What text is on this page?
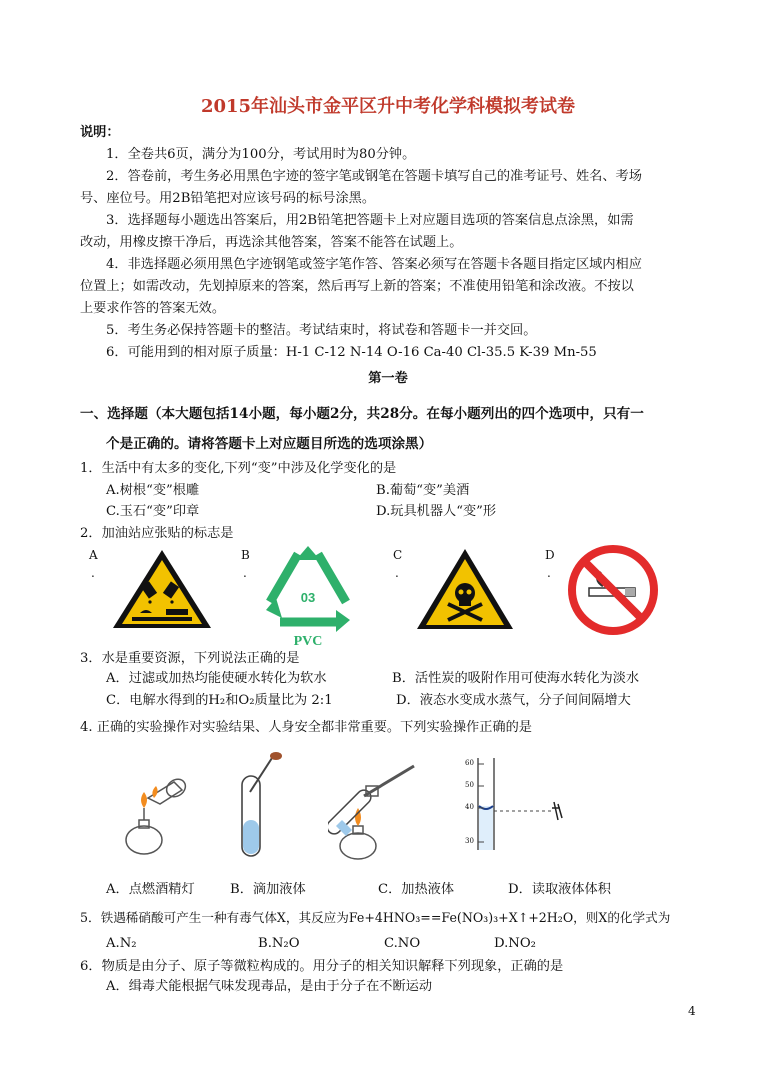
2015年汕头市金平区升中考化学科模拟考试卷
说明：
1．全卷共6页，满分为100分，考试用时为80分钟。
2．答卷前，考生务必用黑色字迹的签字笔或钢笔在答题卡填写自己的准考证号、姓名、考场
号、座位号。用2B铅笔把对应该号码的标号涂黑。
3．选择题每小题选出答案后，用2B铅笔把答题卡上对应题目选项的答案信息点涂黑，如需
改动，用橡皮擦干净后，再选涂其他答案，答案不能答在试题上。
4．非选择题必须用黑色字迹钢笔或签字笔作答、答案必须写在答题卡各题目指定区域内相应
位置上；如需改动，先划掉原来的答案，然后再写上新的答案；不准使用铅笔和涂改液。不按以
上要求作答的答案无效。
5．考生务必保持答题卡的整洁。考试结束时，将试卷和答题卡一并交回。
6．可能用到的相对原子质量：H-1 C-12 N-14 O-16 Ca-40 Cl-35.5 K-39 Mn-55
第一卷
一、选择题（本大题包括14小题，每小题2分，共28分。在每小题列出的四个选项中，只有一
个是正确的。请将答题卡上对应题目所选的选项涂黑）
1．生活中有太多的变化,下列“变”中涉及化学变化的是
A.树根“变”根雕	B.葡萄“变”美酒
C.玉石“变”印章	D.玩具机器人“变”形
2．加油站应张贴的标志是
A
.
B
.
C
.
D
.
03
PVC
3．水是重要资源，下列说法正确的是
A．过滤或加热均能使硬水转化为软水	B．活性炭的吸附作用可使海水转化为淡水
C．电解水得到的H₂和O₂质量比为 2:1	D．液态水变成水蒸气，分子间间隔增大
4. 正确的实验操作对实验结果、人身安全都非常重要。下列实验操作正确的是
60
50
40
30
A．点燃酒精灯	B．滴加液体	C．加热液体	D．读取液体体积
5．铁遇稀硝酸可产生一种有毒气体X，其反应为Fe+4HNO₃==Fe(NO₃)₃+X↑+2H₂O，则X的化学式为
A.N₂	B.N₂O	C.NO	D.NO₂
6．物质是由分子、原子等微粒构成的。用分子的相关知识解释下列现象，正确的是
A．缉毒犬能根据气味发现毒品，是由于分子在不断运动
4
